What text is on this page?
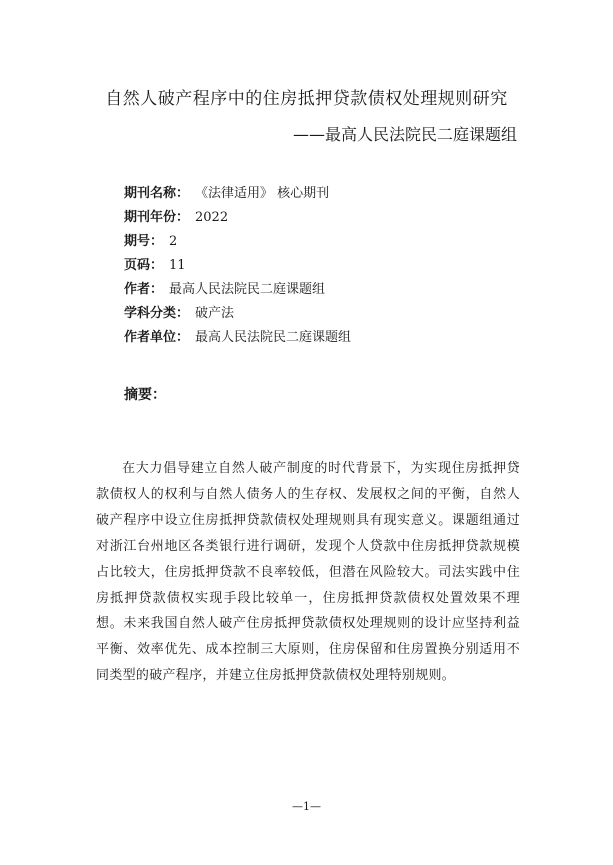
自然人破产程序中的住房抵押贷款债权处理规则研究

——最高人民法院民二庭课题组

期刊名称： 《法律适用》 核心期刊
期刊年份： 2022
期号： 2
页码： 11
作者： 最高人民法院民二庭课题组
学科分类： 破产法
作者单位： 最高人民法院民二庭课题组
摘要：

在大力倡导建立自然人破产制度的时代背景下，为实现住房抵押贷款债权人的权利与自然人债务人的生存权、发展权之间的平衡，自然人破产程序中设立住房抵押贷款债权处理规则具有现实意义。课题组通过对浙江台州地区各类银行进行调研，发现个人贷款中住房抵押贷款规模占比较大，住房抵押贷款不良率较低，但潜在风险较大。司法实践中住房抵押贷款债权实现手段比较单一，住房抵押贷款债权处置效果不理想。未来我国自然人破产住房抵押贷款债权处理规则的设计应坚持利益平衡、效率优先、成本控制三大原则，住房保留和住房置换分别适用不同类型的破产程序，并建立住房抵押贷款债权处理特别规则。

—1—
